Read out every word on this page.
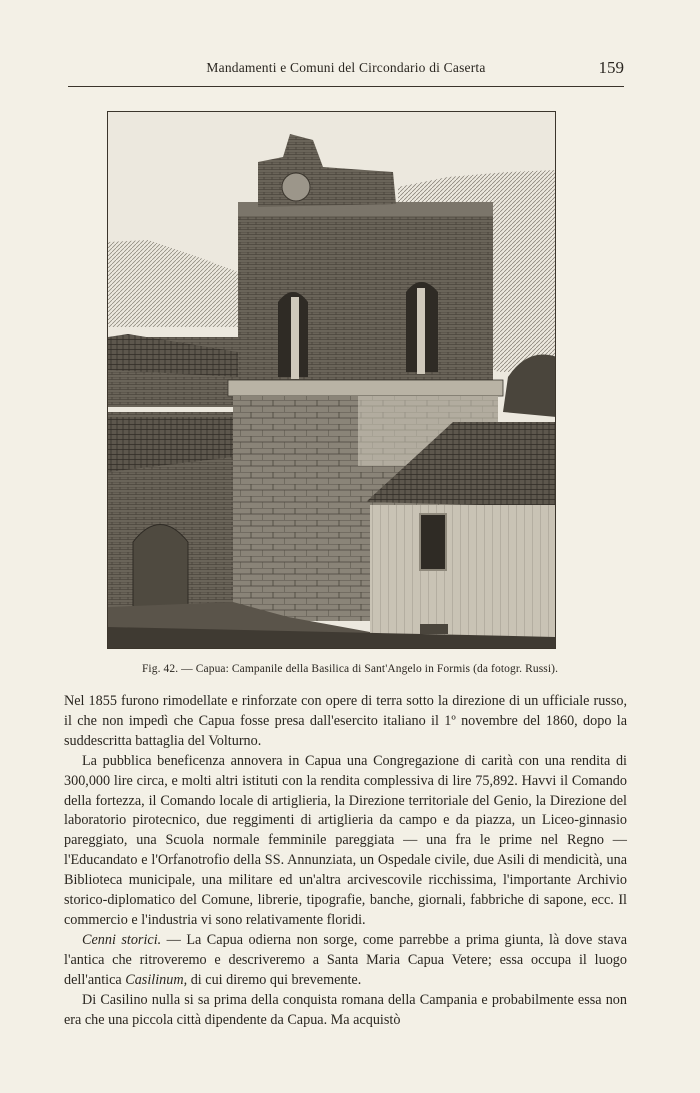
Mandamenti e Comuni del Circondario di Caserta	159
Fig. 42. — Capua: Campanile della Basilica di Sant'Angelo in Formis (da fotogr. Russi).

Nel 1855 furono rimodellate e rinforzate con opere di terra sotto la direzione di un ufficiale russo, il che non impedì che Capua fosse presa dall'esercito italiano il 1º novembre del 1860, dopo la suddescritta battaglia del Volturno.

La pubblica beneficenza annovera in Capua una Congregazione di carità con una rendita di 300,000 lire circa, e molti altri istituti con la rendita complessiva di lire 75,892. Havvi il Comando della fortezza, il Comando locale di artiglieria, la Direzione territoriale del Genio, la Direzione del laboratorio pirotecnico, due reggimenti di artiglieria da campo e da piazza, un Liceo-ginnasio pareggiato, una Scuola normale femminile pareggiata — una fra le prime nel Regno — l'Educandato e l'Orfanotrofio della SS. Annunziata, un Ospedale civile, due Asili di mendicità, una Biblioteca municipale, una militare ed un'altra arcivescovile ricchissima, l'importante Archivio storico-diplomatico del Comune, librerie, tipografie, banche, giornali, fabbriche di sapone, ecc. Il commercio e l'industria vi sono relativamente floridi.

Cenni storici. — La Capua odierna non sorge, come parrebbe a prima giunta, là dove stava l'antica che ritroveremo e descriveremo a Santa Maria Capua Vetere; essa occupa il luogo dell'antica Casilinum, di cui diremo qui brevemente.

Di Casilino nulla si sa prima della conquista romana della Campania e probabilmente essa non era che una piccola città dipendente da Capua. Ma acquistò
